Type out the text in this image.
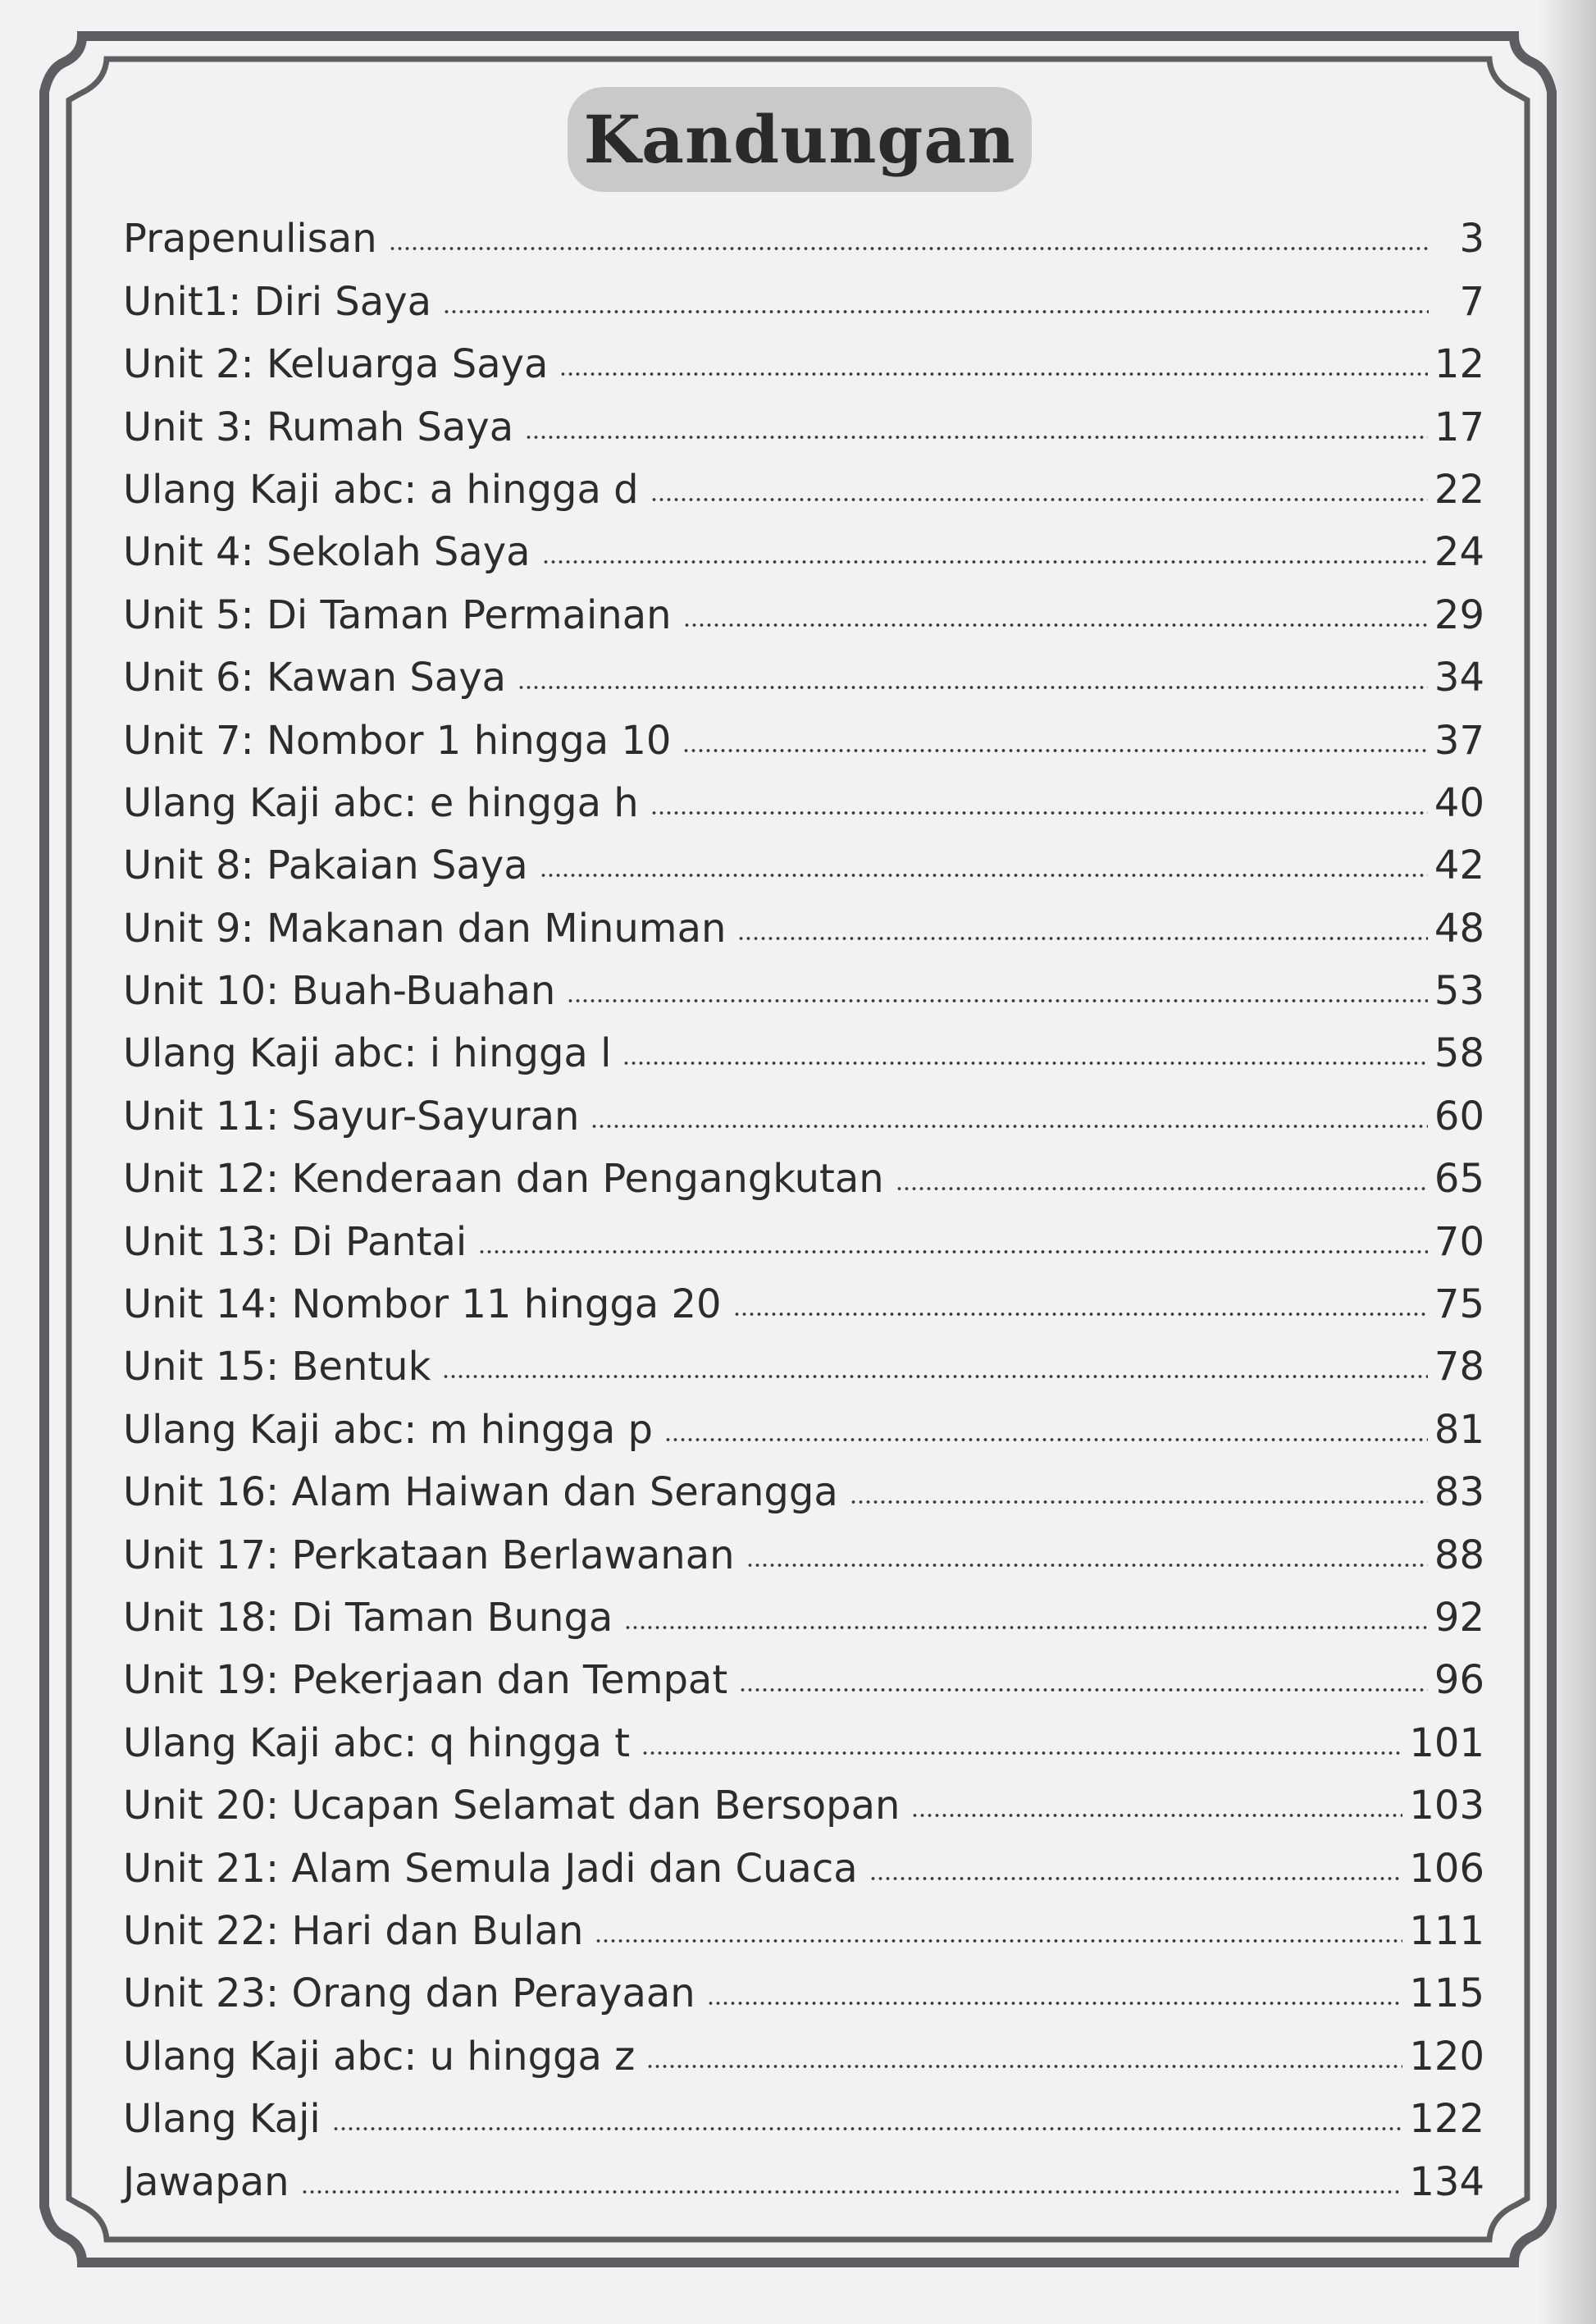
Kandungan
Prapenulisan	3
Unit1: Diri Saya	7
Unit 2: Keluarga Saya	12
Unit 3: Rumah Saya	17
Ulang Kaji abc: a hingga d	22
Unit 4: Sekolah Saya	24
Unit 5: Di Taman Permainan	29
Unit 6: Kawan Saya	34
Unit 7: Nombor 1 hingga 10	37
Ulang Kaji abc: e hingga h	40
Unit 8: Pakaian Saya	42
Unit 9: Makanan dan Minuman	48
Unit 10: Buah-Buahan	53
Ulang Kaji abc: i hingga l	58
Unit 11: Sayur-Sayuran	60
Unit 12: Kenderaan dan Pengangkutan	65
Unit 13: Di Pantai	70
Unit 14: Nombor 11 hingga 20	75
Unit 15: Bentuk	78
Ulang Kaji abc: m hingga p	81
Unit 16: Alam Haiwan dan Serangga	83
Unit 17: Perkataan Berlawanan	88
Unit 18: Di Taman Bunga	92
Unit 19: Pekerjaan dan Tempat	96
Ulang Kaji abc: q hingga t	101
Unit 20: Ucapan Selamat dan Bersopan	103
Unit 21: Alam Semula Jadi dan Cuaca	106
Unit 22: Hari dan Bulan	111
Unit 23: Orang dan Perayaan	115
Ulang Kaji abc: u hingga z	120
Ulang Kaji	122
Jawapan	134
